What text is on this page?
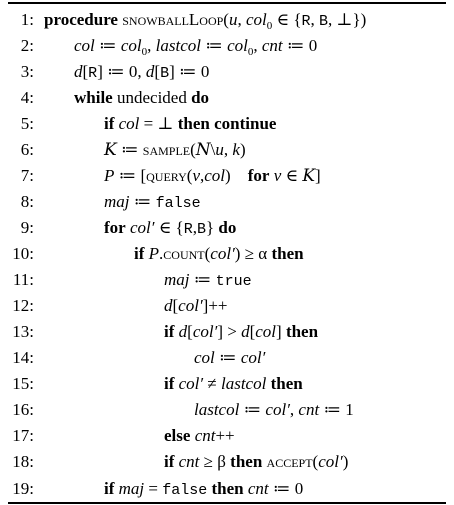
1: procedure snowballLoop(u, col$_0$ ∈ {R, B, ⊥})
2: col ≔ col$_0$, lastcol ≔ col$_0$, cnt ≔ 0
3: d[R] ≔ 0, d[B] ≔ 0
4: while undecided do
5:	if col = ⊥ then continue
6:	K ≔ sample(N\u, k)
7:	P ≔ [query(v,col)    for v ∈ K]
8:	maj ≔ false
9:	for col′ ∈ {R,B} do
10:	if P.count(col′) ≥ α then
11:	maj ≔ true
12:	d[col′]++
13:	if d[col′] > d[col] then
14:	col ≔ col′
15:	if col′ ≠ lastcol then
16:	lastcol ≔ col′, cnt ≔ 1
17:	else cnt++
18:	if cnt ≥ β then accept(col′)
19:	if maj = false then cnt ≔ 0
